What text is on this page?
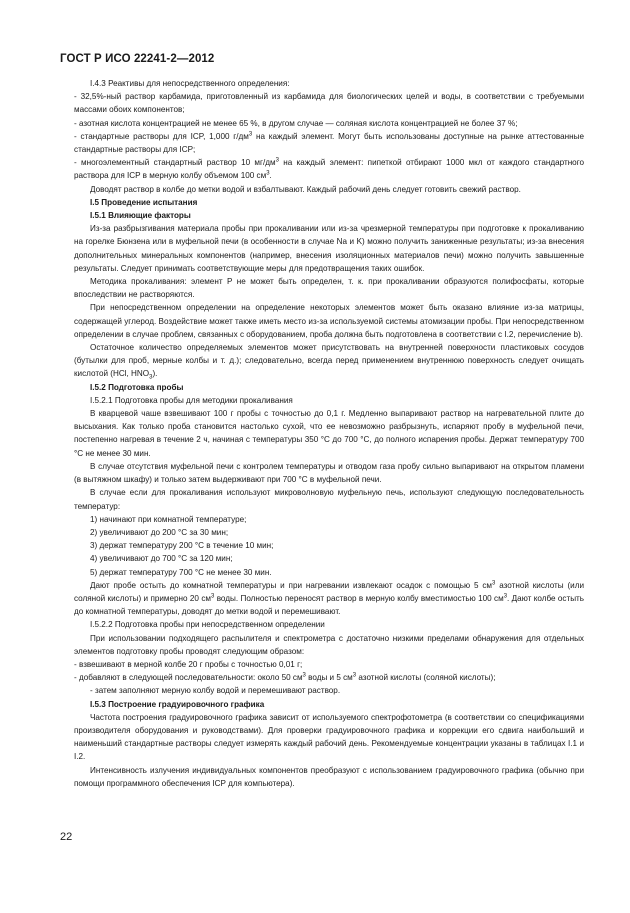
ГОСТ Р ИСО 22241-2—2012

I.4.3 Реактивы для непосредственного определения:

- 32,5%-ный раствор карбамида, приготовленный из карбамида для биологических целей и воды, в соответствии с требуемыми массами обоих компонентов;

- азотная кислота концентрацией не менее 65 %, в другом случае — соляная кислота концентрацией не более 37 %;

- стандартные растворы для ICP, 1,000 $г/дм^3$ на каждый элемент. Могут быть использованы доступные на рынке аттестованные стандартные растворы для ICP;

- многоэлементный стандартный раствор 10 $мг/дм^3$ на каждый элемент: пипеткой отбирают 1000 мкл от каждого стандартного раствора для ICP в мерную колбу объемом 100 $см^3$.

Доводят раствор в колбе до метки водой и взбалтывают. Каждый рабочий день следует готовить свежий раствор.

I.5 Проведение испытания

I.5.1 Влияющие факторы

Из-за разбрызгивания материала пробы при прокаливании или из-за чрезмерной температуры при подготовке к прокаливанию на горелке Бюнзена или в муфельной печи (в особенности в случае Na и K) можно получить заниженные результаты; из-за внесения дополнительных минеральных компонентов (например, внесения изоляционных материалов печи) можно получить завышенные результаты. Следует принимать соответствующие меры для предотвращения таких ошибок.

Методика прокаливания: элемент P не может быть определен, т. к. при прокаливании образуются полифосфаты, которые впоследствии не растворяются.

При непосредственном определении на определение некоторых элементов может быть оказано влияние из-за матрицы, содержащей углерод. Воздействие может также иметь место из-за используемой системы атомизации пробы. При непосредственном определении в случае проблем, связанных с оборудованием, проба должна быть подготовлена в соответствии с I.2, перечисление b).

Остаточное количество определяемых элементов может присутствовать на внутренней поверхности пластиковых сосудов (бутылки для проб, мерные колбы и т. д.); следовательно, всегда перед применением внутреннюю поверхность следует очищать кислотой (HCl, $HNO_3$).

I.5.2 Подготовка пробы

I.5.2.1 Подготовка пробы для методики прокаливания

В кварцевой чаше взвешивают 100 г пробы с точностью до 0,1 г. Медленно выпаривают раствор на нагревательной плите до высыхания. Как только проба становится настолько сухой, что ее невозможно разбрызнуть, испаряют пробу в муфельной печи, постепенно нагревая в течение 2 ч, начиная с температуры 350 °С до 700 °С, до полного испарения пробы. Держат температуру 700 °С не менее 30 мин.

В случае отсутствия муфельной печи с контролем температуры и отводом газа пробу сильно выпаривают на открытом пламени (в вытяжном шкафу) и только затем выдерживают при 700 °С в муфельной печи.

В случае если для прокаливания используют микроволновую муфельную печь, используют следующую последовательность температур:

1) начинают при комнатной температуре;

2) увеличивают до 200 °С за 30 мин;

3) держат температуру 200 °С в течение 10 мин;

4) увеличивают до 700 °С за 120 мин;

5) держат температуру 700 °С не менее 30 мин.

Дают пробе остыть до комнатной температуры и при нагревании извлекают осадок с помощью 5 $см^3$ азотной кислоты (или соляной кислоты) и примерно 20 $см^3$ воды. Полностью переносят раствор в мерную колбу вместимостью 100 $см^3$. Дают колбе остыть до комнатной температуры, доводят до метки водой и перемешивают.

I.5.2.2 Подготовка пробы при непосредственном определении

При использовании подходящего распылителя и спектрометра с достаточно низкими пределами обнаружения для отдельных элементов подготовку пробы проводят следующим образом:

- взвешивают в мерной колбе 20 г пробы с точностью 0,01 г;

- добавляют в следующей последовательности: около 50 $см^3$ воды и 5 $см^3$ азотной кислоты (соляной кислоты);

- затем заполняют мерную колбу водой и перемешивают раствор.

I.5.3 Построение градуировочного графика

Частота построения градуировочного графика зависит от используемого спектрофотометра (в соответствии со спецификациями производителя оборудования и руководствами). Для проверки градуировочного графика и коррекции его сдвига наибольший и наименьший стандартные растворы следует измерять каждый рабочий день. Рекомендуемые концентрации указаны в таблицах I.1 и I.2.

Интенсивность излучения индивидуальных компонентов преобразуют с использованием градуировочного графика (обычно при помощи программного обеспечения ICP для компьютера).

22
